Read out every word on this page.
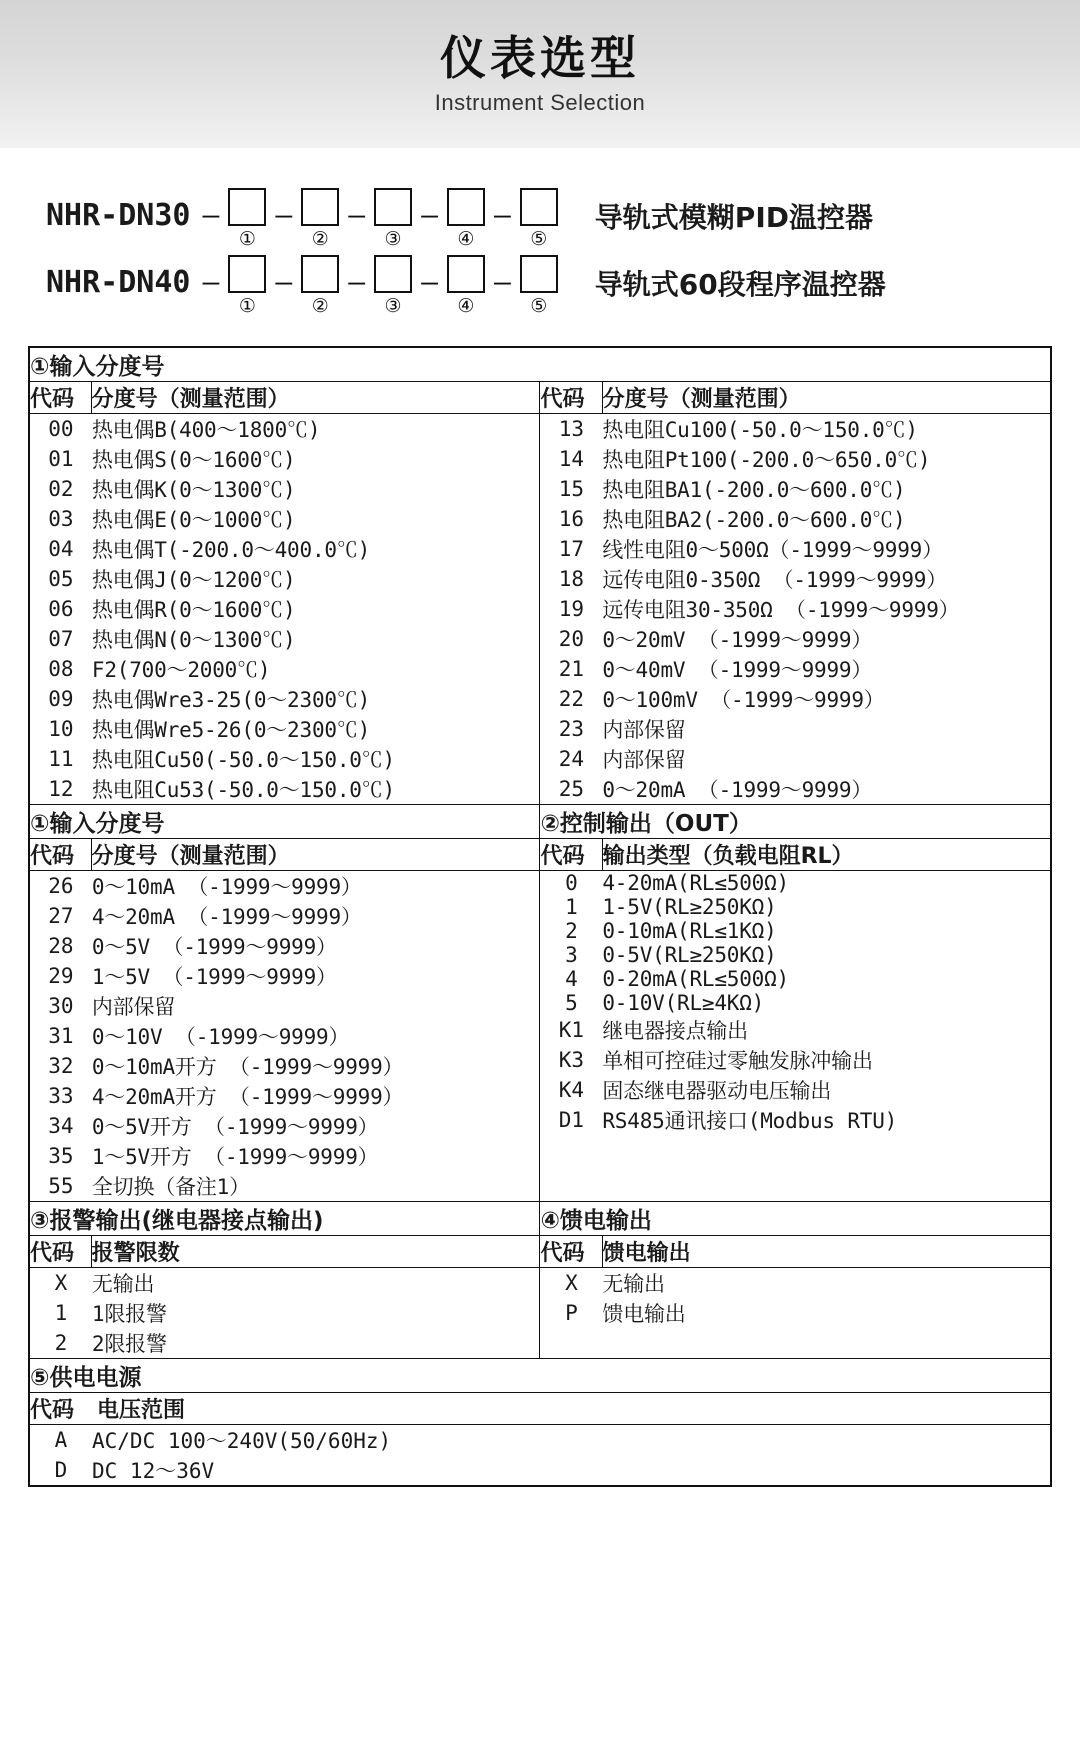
仪表选型
Instrument Selection
NHR-DN30 –
①
–
②
–
③
–
④
–
⑤
导轨式模糊PID温控器
NHR-DN40 –
①
–
②
–
③
–
④
–
⑤
导轨式60段程序温控器
①输入分度号
代码	分度号（测量范围）	代码	分度号（测量范围）

00	热电偶B(400～1800℃)
01	热电偶S(0～1600℃)
02	热电偶K(0～1300℃)
03	热电偶E(0～1000℃)
04	热电偶T(-200.0～400.0℃)
05	热电偶J(0～1200℃)
06	热电偶R(0～1600℃)
07	热电偶N(0～1300℃)
08	F2(700～2000℃)
09	热电偶Wre3-25(0～2300℃)
10	热电偶Wre5-26(0～2300℃)
11	热电阻Cu50(-50.0～150.0℃)
12	热电阻Cu53(-50.0～150.0℃)

13	热电阻Cu100(-50.0～150.0℃)
14	热电阻Pt100(-200.0～650.0℃)
15	热电阻BA1(-200.0～600.0℃)
16	热电阻BA2(-200.0～600.0℃)
17	线性电阻0～500Ω（-1999～9999）
18	远传电阻0-350Ω （-1999～9999）
19	远传电阻30-350Ω （-1999～9999）
20	0～20mV （-1999～9999）
21	0～40mV （-1999～9999）
22	0～100mV （-1999～9999）
23	内部保留
24	内部保留
25	0～20mA （-1999～9999）

①输入分度号	②控制输出（OUT）
代码	分度号（测量范围）	代码	输出类型（负载电阻RL）

26	0～10mA （-1999～9999）
27	4～20mA （-1999～9999）
28	0～5V （-1999～9999）
29	1～5V （-1999～9999）
30	内部保留
31	0～10V （-1999～9999）
32	0～10mA开方 （-1999～9999）
33	4～20mA开方 （-1999～9999）
34	0～5V开方 （-1999～9999）
35	1～5V开方 （-1999～9999）
55	全切换（备注1）

0	4-20mA(RL≤500Ω)
1	1-5V(RL≥250KΩ)
2	0-10mA(RL≤1KΩ)
3	0-5V(RL≥250KΩ)
4	0-20mA(RL≤500Ω)
5	0-10V(RL≥4KΩ)
K1	继电器接点输出
K3	单相可控硅过零触发脉冲输出
K4	固态继电器驱动电压输出
D1	RS485通讯接口(Modbus RTU)

③报警输出(继电器接点输出)	④馈电输出
代码	报警限数	代码	馈电输出

X	无输出
1	1限报警
2	2限报警

X	无输出
P	馈电输出

⑤供电电源
代码 电压范围

A	AC/DC 100～240V(50/60Hz)
D	DC 12～36V
